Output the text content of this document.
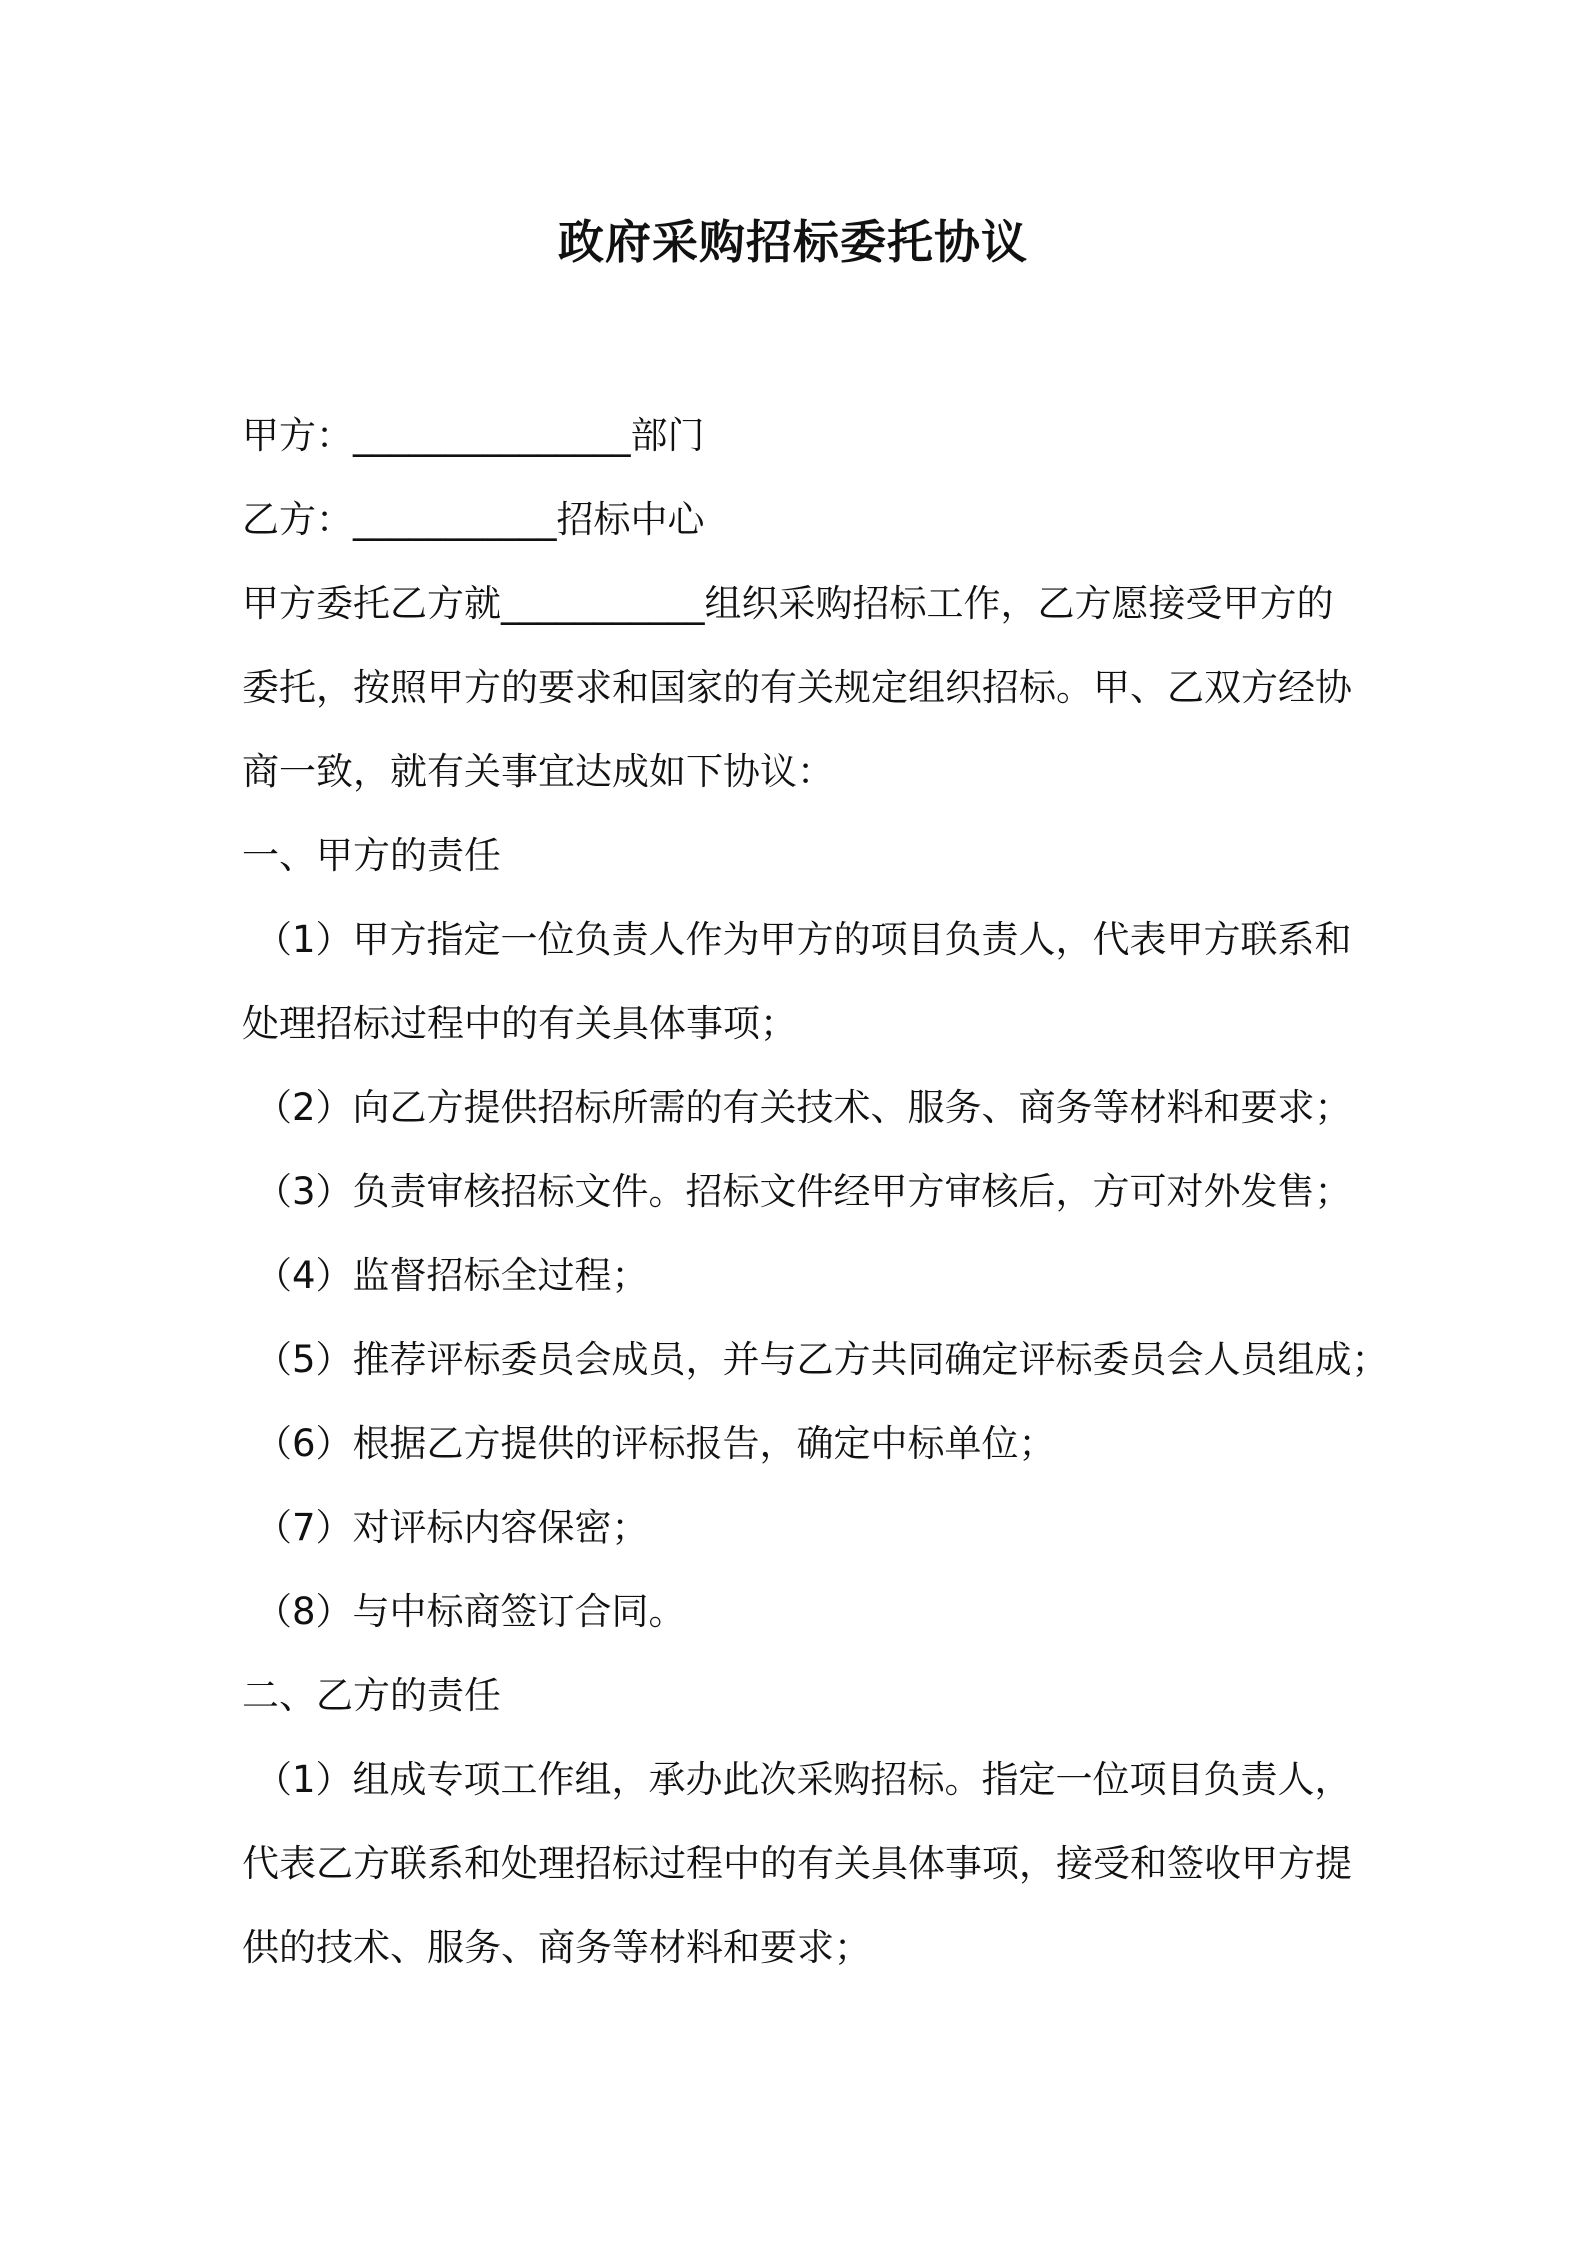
政府采购招标委托协议
甲方：_______________部门
乙方：___________招标中心
甲方委托乙方就___________组织采购招标工作，乙方愿接受甲方的
委托，按照甲方的要求和国家的有关规定组织招标。甲、乙双方经协
商一致，就有关事宜达成如下协议：
一、甲方的责任
（1）甲方指定一位负责人作为甲方的项目负责人，代表甲方联系和
处理招标过程中的有关具体事项；
（2）向乙方提供招标所需的有关技术、服务、商务等材料和要求；
（3）负责审核招标文件。招标文件经甲方审核后，方可对外发售；
（4）监督招标全过程；
（5）推荐评标委员会成员，并与乙方共同确定评标委员会人员组成；
（6）根据乙方提供的评标报告，确定中标单位；
（7）对评标内容保密；
（8）与中标商签订合同。
二、乙方的责任
（1）组成专项工作组，承办此次采购招标。指定一位项目负责人，
代表乙方联系和处理招标过程中的有关具体事项，接受和签收甲方提
供的技术、服务、商务等材料和要求；
